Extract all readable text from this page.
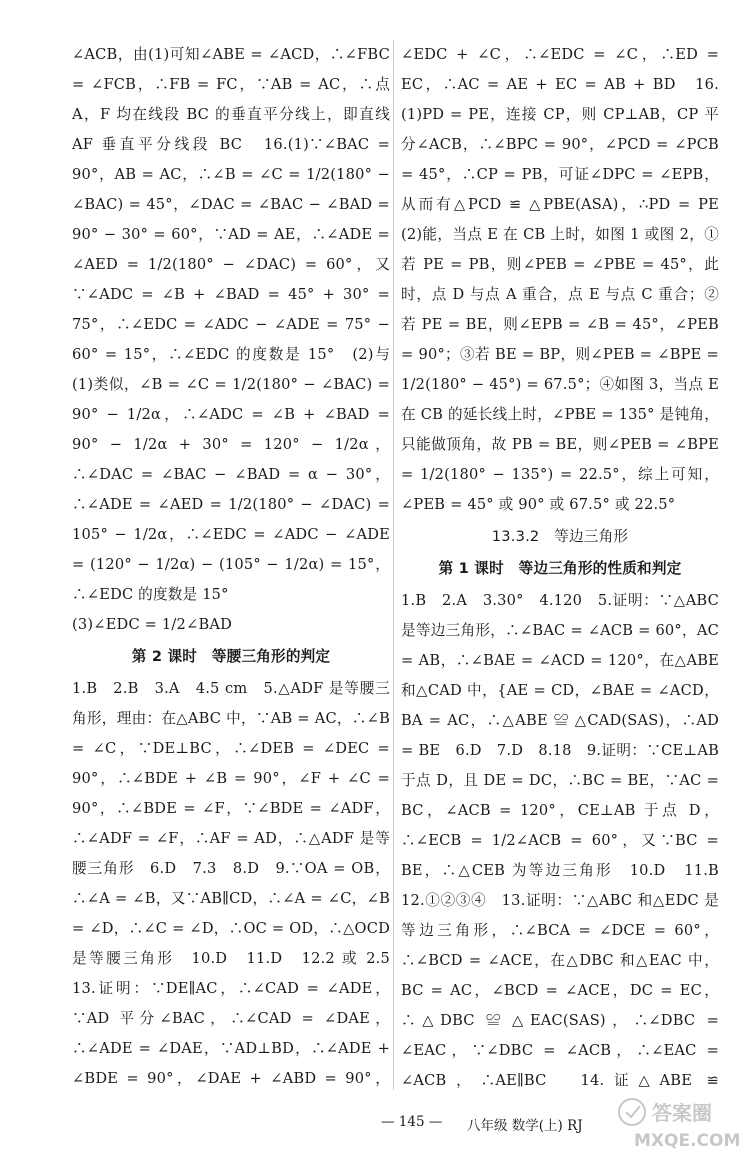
∠ACB，由(1)可知∠ABE = ∠ACD，∴∠FBC = ∠FCB，∴FB = FC，∵AB = AC，∴点 A，F 均在线段 BC 的垂直平分线上，即直线 AF 垂直平分线段 BC　16.(1)∵∠BAC = 90°，AB = AC，∴∠B = ∠C = 1/2(180° − ∠BAC) = 45°，∠DAC = ∠BAC − ∠BAD = 90° − 30° = 60°，∵AD = AE，∴∠ADE = ∠AED = 1/2(180° − ∠DAC) = 60°，又∵∠ADC = ∠B + ∠BAD = 45° + 30° = 75°，∴∠EDC = ∠ADC − ∠ADE = 75° − 60° = 15°，∴∠EDC 的度数是 15°　(2)与(1)类似，∠B = ∠C = 1/2(180° − ∠BAC) = 90° − 1/2α，∴∠ADC = ∠B + ∠BAD = 90° − 1/2α + 30° = 120° − 1/2α，∴∠DAC = ∠BAC − ∠BAD = α − 30°，∴∠ADE = ∠AED = 1/2(180° − ∠DAC) = 105° − 1/2α，∴∠EDC = ∠ADC − ∠ADE = (120° − 1/2α) − (105° − 1/2α) = 15°，∴∠EDC 的度数是 15°

(3)∠EDC = 1/2∠BAD

第 2 课时　等腰三角形的判定

1.B　2.B　3.A　4.5 cm　5.△ADF 是等腰三角形，理由：在△ABC 中，∵AB = AC，∴∠B = ∠C，∵DE⊥BC，∴∠DEB = ∠DEC = 90°，∴∠BDE + ∠B = 90°，∠F + ∠C = 90°，∴∠BDE = ∠F，∵∠BDE = ∠ADF，∴∠ADF = ∠F，∴AF = AD，∴△ADF 是等腰三角形　6.D　7.3　8.D　9.∵OA = OB，∴∠A = ∠B，又∵AB∥CD，∴∠A = ∠C，∠B = ∠D，∴∠C = ∠D，∴OC = OD，∴△OCD 是等腰三角形　10.D　11.D　12.2 或 2.5　13.证明：∵DE∥AC，∴∠CAD = ∠ADE，∵AD 平分∠BAC，∴∠CAD = ∠DAE，∴∠ADE = ∠DAE，∵AD⊥BD，∴∠ADE + ∠BDE = 90°，∠DAE + ∠ABD = 90°， 　 　

∠EDC + ∠C，∴∠EDC = ∠C，∴ED = EC，∴AC = AE + EC = AB + BD　16.(1)PD = PE，连接 CP，则 CP⊥AB，CP 平分∠ACB，∴∠BPC = 90°，∠PCD = ∠PCB = 45°，∴CP = PB，可证∠DPC = ∠EPB，从而有△PCD ≌ △PBE(ASA)，∴PD = PE　(2)能，当点 E 在 CB 上时，如图 1 或图 2，①若 PE = PB，则∠PEB = ∠PBE = 45°，此时，点 D 与点 A 重合，点 E 与点 C 重合；②若 PE = BE，则∠EPB = ∠B = 45°，∠PEB = 90°；③若 BE = BP，则∠PEB = ∠BPE = 1/2(180° − 45°) = 67.5°；④如图 3，当点 E 在 CB 的延长线上时，∠PBE = 135° 是钝角，只能做顶角，故 PB = BE，则∠PEB = ∠BPE = 1/2(180° − 135°) = 22.5°，综上可知，∠PEB = 45° 或 90° 或 67.5° 或 22.5°

13.3.2　等边三角形
第 1 课时　等边三角形的性质和判定

1.B　2.A　3.30°　4.120　5.证明：∵△ABC 是等边三角形，∴∠BAC = ∠ACB = 60°，AC = AB，∴∠BAE = ∠ACD = 120°，在△ABE 和△CAD 中，{AE = CD，∠BAE = ∠ACD，BA = AC，∴△ABE ≌ △CAD(SAS)，∴AD = BE　6.D　7.D　8.18　9.证明：∵CE⊥AB 于点 D，且 DE = DC，∴BC = BE，∵AC = BC，∠ACB = 120°，CE⊥AB 于点 D，∴∠ECB = 1/2∠ACB = 60°，又∵BC = BE，∴△CEB 为等边三角形　10.D　11.B　12.①②③④　13.证明：∵△ABC 和△EDC 是等边三角形，∴∠BCA = ∠DCE = 60°，∴∠BCD = ∠ACE，在△DBC 和△EAC 中，BC = AC，∠BCD = ∠ACE，DC = EC，∴△DBC ≌ △EAC(SAS)，∴∠DBC = ∠EAC，∵∠DBC = ∠ACB，∴∠EAC = ∠ACB，∴AE∥BC　14.证△ABE ≌ 　 　 　

— 145 — 八年级 数学(上) RJ
答案圈
MXQE.COM
